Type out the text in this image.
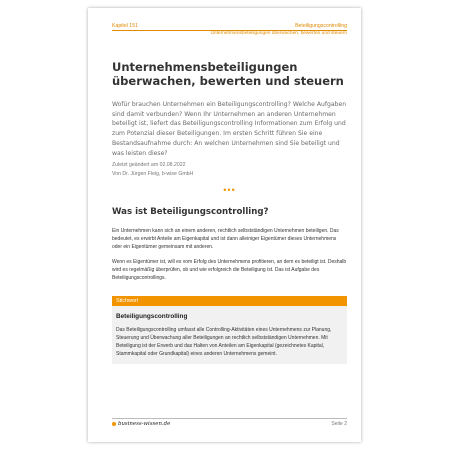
Kapitel 151	Beteiligungscontrolling
Unternehmensbeteiligungen überwachen, bewerten und steuern
Unternehmensbeteiligungen überwachen, bewerten und steuern
Wofür brauchen Unternehmen ein Beteiligungscontrolling? Welche Aufgaben sind damit verbunden? Wenn Ihr Unternehmen an anderen Unternehmen beteiligt ist, liefert das Beteiligungscontrolling Informationen zum Erfolg und zum Potenzial dieser Beteiligungen. Im ersten Schritt führen Sie eine Bestandsaufnahme durch: An welchen Unternehmen sind Sie beteiligt und was leisten diese?
Zuletzt geändert am 02.08.2022
Von Dr. Jürgen Fleig, b-wise GmbH
•••
Was ist Beteiligungscontrolling?
Ein Unternehmen kann sich an einem anderen, rechtlich selbstständigen Unternehmen beteiligen. Das bedeutet, es erwirbt Anteile am Eigenkapital und ist dann alleiniger Eigentümer dieses Unternehmens oder ein Eigentümer gemeinsam mit anderen.
Wenn es Eigentümer ist, will es vom Erfolg des Unternehmens profitieren, an dem es beteiligt ist. Deshalb wird es regelmäßig überprüfen, ob und wie erfolgreich die Beteiligung ist. Das ist Aufgabe des Beteiligungscontrollings.
Stichwort
Beteiligungscontrolling
Das Beteiligungscontrolling umfasst alle Controlling-Aktivitäten eines Unternehmens zur Planung, Steuerung und Überwachung aller Beteiligungen an rechtlich selbstständigen Unternehmen. Mit Beteiligung ist der Erwerb und das Halten von Anteilen am Eigenkapital (gezeichnetes Kapital, Stammkapital oder Grundkapital) eines anderen Unternehmens gemeint.
business-wissen.de	Seite 2
